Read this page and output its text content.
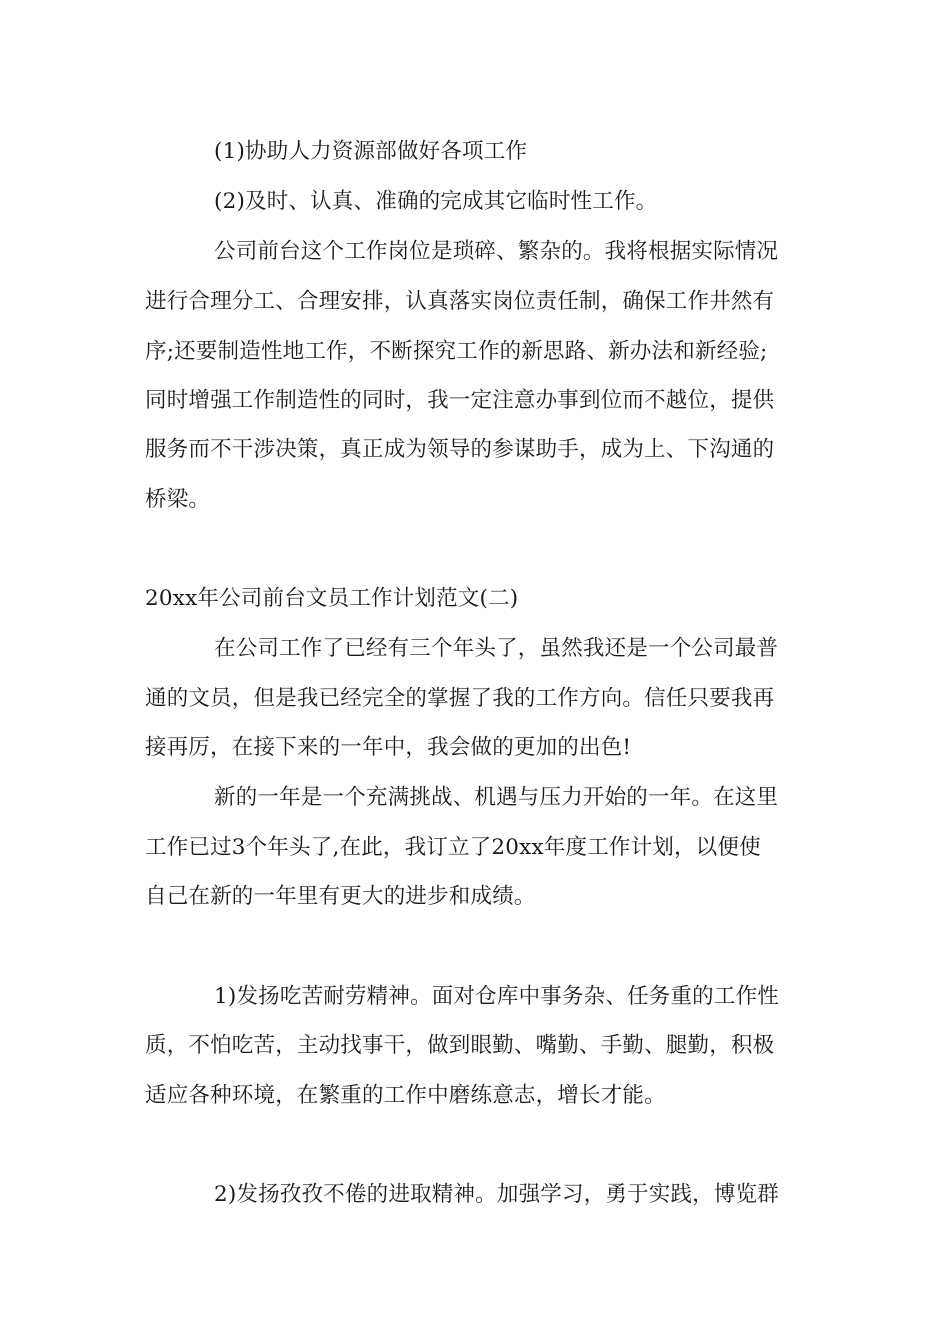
(1)协助人力资源部做好各项工作
(2)及时、认真、准确的完成其它临时性工作。
公司前台这个工作岗位是琐碎、繁杂的。我将根据实际情况
进行合理分工、合理安排，认真落实岗位责任制，确保工作井然有
序;还要制造性地工作，不断探究工作的新思路、新办法和新经验;
同时增强工作制造性的同时，我一定注意办事到位而不越位，提供
服务而不干涉决策，真正成为领导的参谋助手，成为上、下沟通的
桥梁。
20xx年公司前台文员工作计划范文(二)
在公司工作了已经有三个年头了，虽然我还是一个公司最普
通的文员，但是我已经完全的掌握了我的工作方向。信任只要我再
接再厉，在接下来的一年中，我会做的更加的出色!
新的一年是一个充满挑战、机遇与压力开始的一年。在这里
工作已过3个年头了,在此，我订立了20xx年度工作计划，以便使
自己在新的一年里有更大的进步和成绩。
1)发扬吃苦耐劳精神。面对仓库中事务杂、任务重的工作性
质，不怕吃苦，主动找事干，做到眼勤、嘴勤、手勤、腿勤，积极
适应各种环境，在繁重的工作中磨练意志，增长才能。
2)发扬孜孜不倦的进取精神。加强学习，勇于实践，博览群
